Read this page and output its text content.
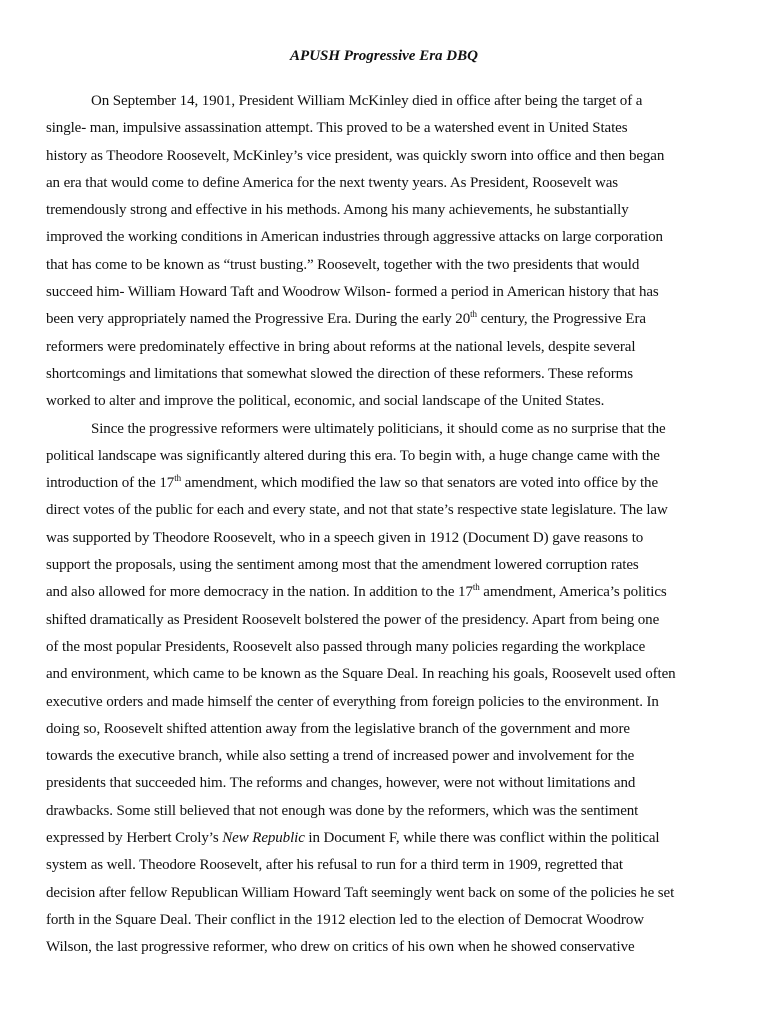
APUSH Progressive Era DBQ
On September 14, 1901, President William McKinley died in office after being the target of a
single- man, impulsive assassination attempt. This proved to be a watershed event in United States
history as Theodore Roosevelt, McKinley’s vice president, was quickly sworn into office and then began
an era that would come to define America for the next twenty years. As President, Roosevelt was
tremendously strong and effective in his methods. Among his many achievements, he substantially
improved the working conditions in American industries through aggressive attacks on large corporation
that has come to be known as “trust busting.” Roosevelt, together with the two presidents that would
succeed him- William Howard Taft and Woodrow Wilson- formed a period in American history that has
been very appropriately named the Progressive Era. During the early 20th century, the Progressive Era
reformers were predominately effective in bring about reforms at the national levels, despite several
shortcomings and limitations that somewhat slowed the direction of these reformers. These reforms
worked to alter and improve the political, economic, and social landscape of the United States.
Since the progressive reformers were ultimately politicians, it should come as no surprise that the
political landscape was significantly altered during this era. To begin with, a huge change came with the
introduction of the 17th amendment, which modified the law so that senators are voted into office by the
direct votes of the public for each and every state, and not that state’s respective state legislature. The law
was supported by Theodore Roosevelt, who in a speech given in 1912 (Document D) gave reasons to
support the proposals, using the sentiment among most that the amendment lowered corruption rates
and also allowed for more democracy in the nation. In addition to the 17th amendment, America’s politics
shifted dramatically as President Roosevelt bolstered the power of the presidency. Apart from being one
of the most popular Presidents, Roosevelt also passed through many policies regarding the workplace
and environment, which came to be known as the Square Deal. In reaching his goals, Roosevelt used often
executive orders and made himself the center of everything from foreign policies to the environment. In
doing so, Roosevelt shifted attention away from the legislative branch of the government and more
towards the executive branch, while also setting a trend of increased power and involvement for the
presidents that succeeded him. The reforms and changes, however, were not without limitations and
drawbacks. Some still believed that not enough was done by the reformers, which was the sentiment
expressed by Herbert Croly’s New Republic in Document F, while there was conflict within the political
system as well. Theodore Roosevelt, after his refusal to run for a third term in 1909, regretted that
decision after fellow Republican William Howard Taft seemingly went back on some of the policies he set
forth in the Square Deal. Their conflict in the 1912 election led to the election of Democrat Woodrow
Wilson, the last progressive reformer, who drew on critics of his own when he showed conservative
